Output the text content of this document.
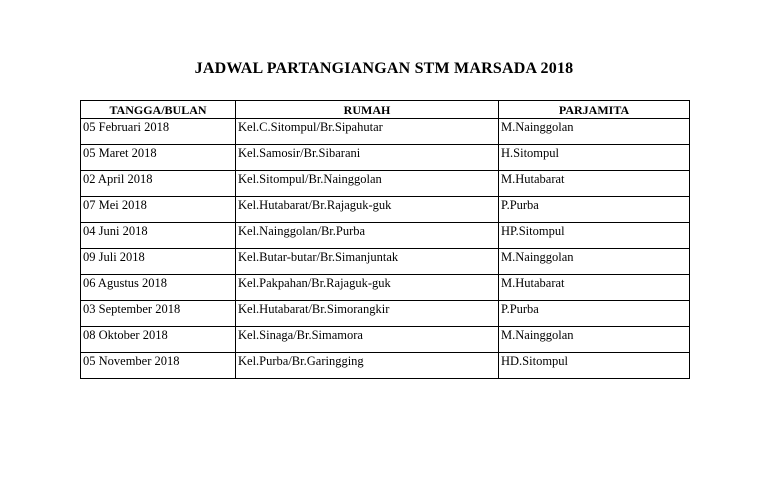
JADWAL PARTANGIANGAN STM MARSADA 2018
TANGGA/BULAN	RUMAH	PARJAMITA

05 Februari 2018	Kel.C.Sitompul/Br.Sipahutar	M.Nainggolan

05 Maret 2018	Kel.Samosir/Br.Sibarani	H.Sitompul

02 April 2018	Kel.Sitompul/Br.Nainggolan	M.Hutabarat

07 Mei 2018	Kel.Hutabarat/Br.Rajaguk-guk	P.Purba

04 Juni 2018	Kel.Nainggolan/Br.Purba	HP.Sitompul

09 Juli 2018	Kel.Butar-butar/Br.Simanjuntak	M.Nainggolan

06 Agustus 2018	Kel.Pakpahan/Br.Rajaguk-guk	M.Hutabarat

03 September 2018	Kel.Hutabarat/Br.Simorangkir	P.Purba

08 Oktober 2018	Kel.Sinaga/Br.Simamora	M.Nainggolan

05 November 2018	Kel.Purba/Br.Garingging	HD.Sitompul
